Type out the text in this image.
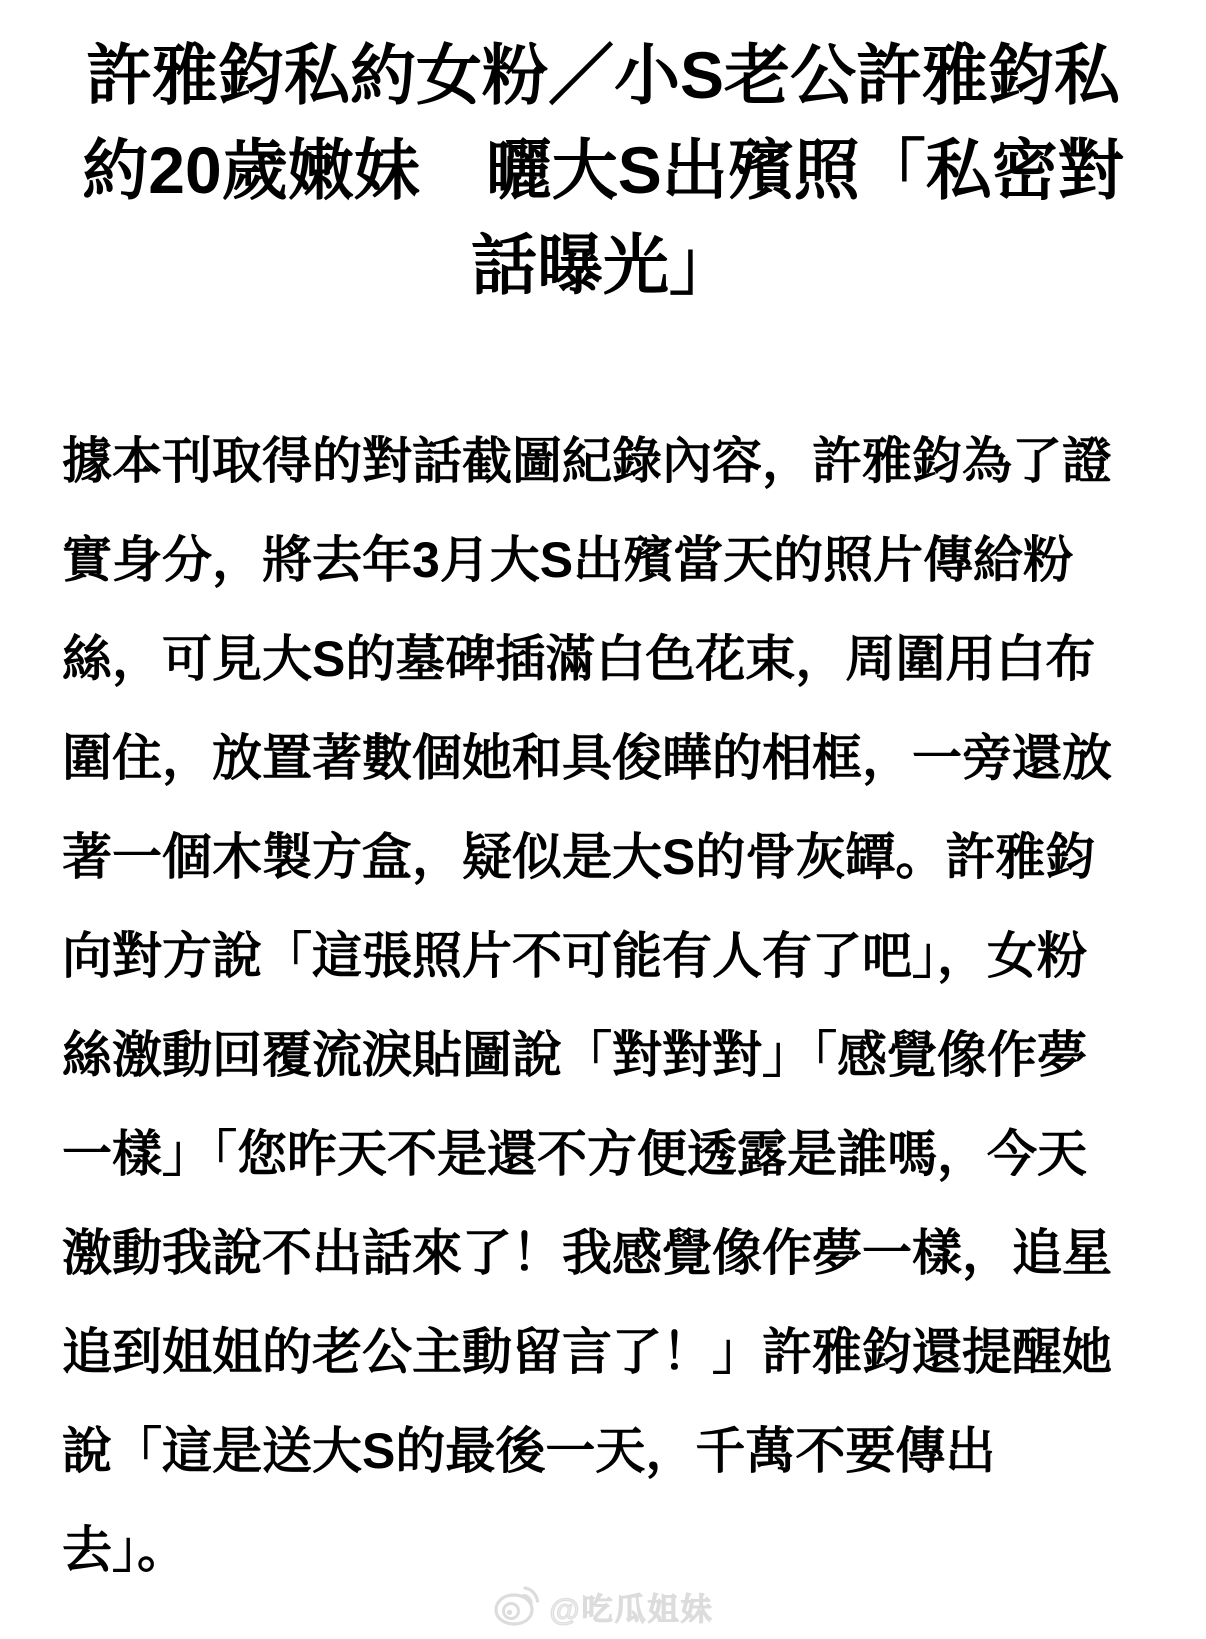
許雅鈞私約女粉／小S老公許雅鈞私
約20歲嫩妹　曬大S出殯照「私密對
話曝光」
據本刊取得的對話截圖紀錄內容，許雅鈞為了證
實身分，將去年3月大S出殯當天的照片傳給粉
絲，可見大S的墓碑插滿白色花束，周圍用白布
圍住，放置著數個她和具俊曄的相框，一旁還放
著一個木製方盒，疑似是大S的骨灰罈。許雅鈞
向對方說「這張照片不可能有人有了吧」，女粉
絲激動回覆流淚貼圖說「對對對」「感覺像作夢
一樣」「您昨天不是還不方便透露是誰嗎，今天
激動我說不出話來了！我感覺像作夢一樣，追星
追到姐姐的老公主動留言了！」許雅鈞還提醒她
說「這是送大S的最後一天，千萬不要傳出
去」。
@吃瓜姐妹
